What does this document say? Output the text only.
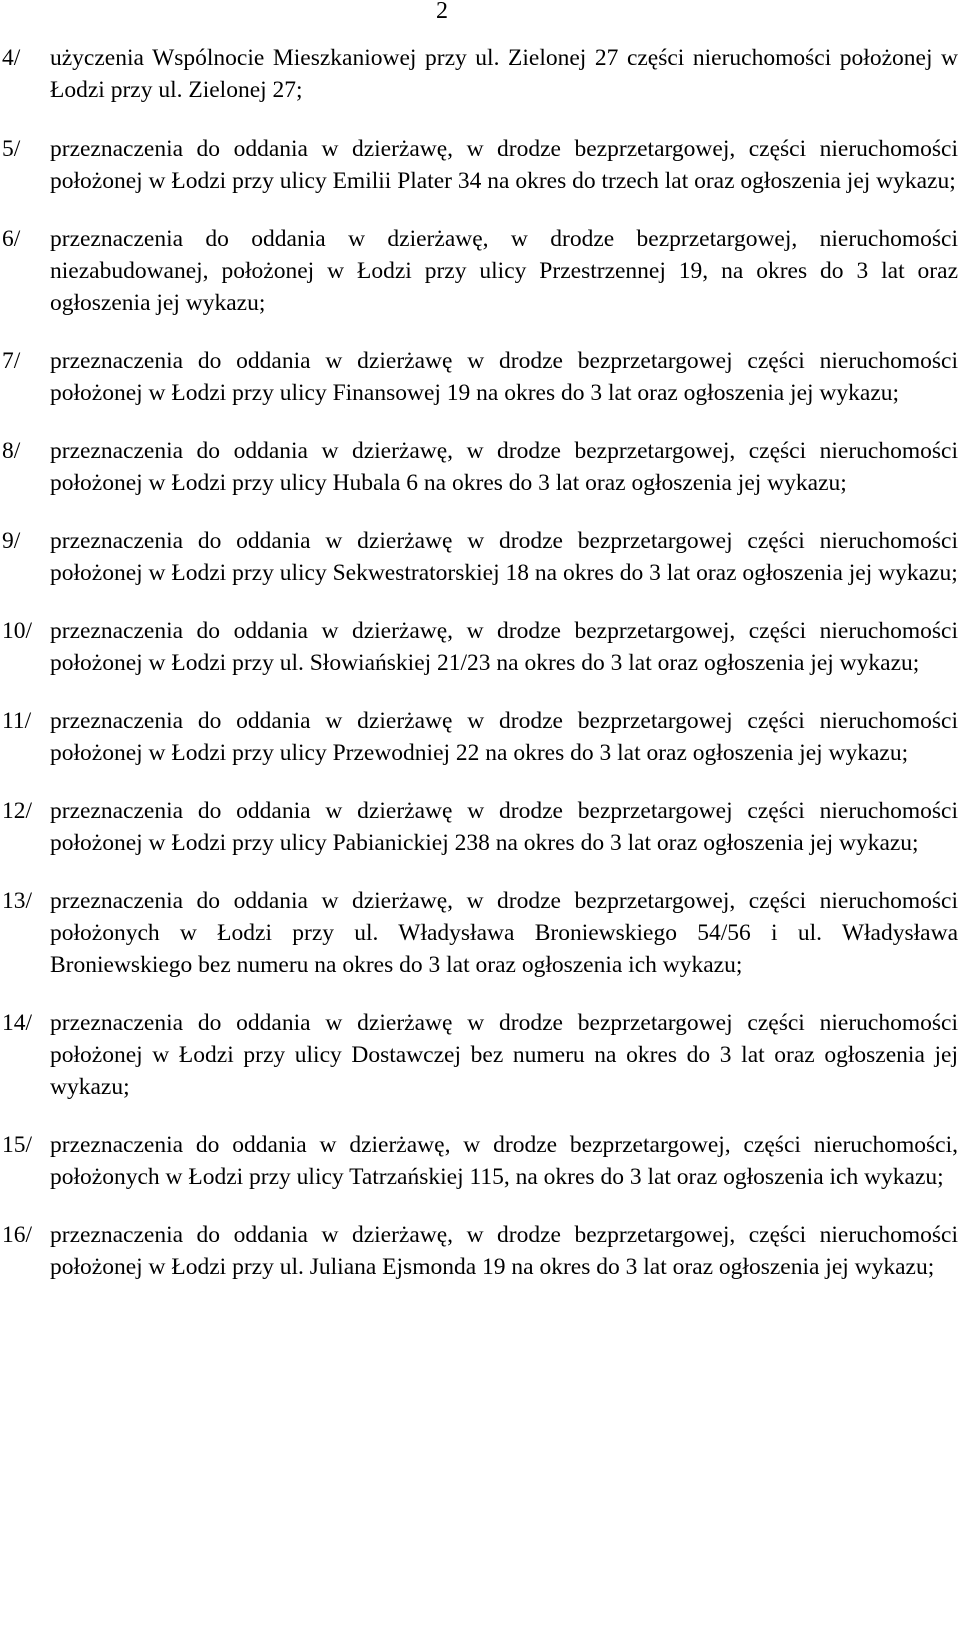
2
4/	użyczenia Wspólnocie Mieszkaniowej przy ul. Zielonej 27 części nieruchomości położonej w Łodzi przy ul. Zielonej 27;
5/	przeznaczenia do oddania w dzierżawę, w drodze bezprzetargowej, części nieruchomości położonej w Łodzi przy ulicy Emilii Plater 34 na okres do trzech lat oraz ogłoszenia jej wykazu;
6/	przeznaczenia do oddania w dzierżawę, w drodze bezprzetargowej, nieruchomości niezabudowanej, położonej w Łodzi przy ulicy Przestrzennej 19, na okres do 3 lat oraz ogłoszenia jej wykazu;
7/	przeznaczenia do oddania w dzierżawę w drodze bezprzetargowej części nieruchomości położonej w Łodzi przy ulicy Finansowej 19 na okres do 3 lat oraz ogłoszenia jej wykazu;
8/	przeznaczenia do oddania w dzierżawę, w drodze bezprzetargowej, części nieruchomości położonej w Łodzi przy ulicy Hubala 6 na okres do 3 lat oraz ogłoszenia jej wykazu;
9/	przeznaczenia do oddania w dzierżawę w drodze bezprzetargowej części nieruchomości położonej w Łodzi przy ulicy Sekwestratorskiej 18 na okres do 3 lat oraz ogłoszenia jej wykazu;
10/ przeznaczenia do oddania w dzierżawę, w drodze bezprzetargowej, części nieruchomości położonej w Łodzi przy ul. Słowiańskiej 21/23 na okres do 3 lat oraz ogłoszenia jej wykazu;
11/ przeznaczenia do oddania w dzierżawę w drodze bezprzetargowej części nieruchomości położonej w Łodzi przy ulicy Przewodniej 22 na okres do 3 lat oraz ogłoszenia jej wykazu;
12/ przeznaczenia do oddania w dzierżawę w drodze bezprzetargowej części nieruchomości położonej w Łodzi przy ulicy Pabianickiej 238 na okres do 3 lat oraz ogłoszenia jej wykazu;
13/ przeznaczenia do oddania w dzierżawę, w drodze bezprzetargowej, części nieruchomości położonych w Łodzi przy ul. Władysława Broniewskiego 54/56 i ul. Władysława Broniewskiego bez numeru na okres do 3 lat oraz ogłoszenia ich wykazu;
14/ przeznaczenia do oddania w dzierżawę w drodze bezprzetargowej części nieruchomości położonej w Łodzi przy ulicy Dostawczej bez numeru na okres do 3 lat oraz ogłoszenia jej wykazu;
15/ przeznaczenia do oddania w dzierżawę, w drodze bezprzetargowej, części nieruchomości, położonych w Łodzi przy ulicy Tatrzańskiej 115, na okres do 3 lat oraz ogłoszenia ich wykazu;
16/ przeznaczenia do oddania w dzierżawę, w drodze bezprzetargowej, części nieruchomości położonej w Łodzi przy ul. Juliana Ejsmonda 19 na okres do 3 lat oraz ogłoszenia jej wykazu;
